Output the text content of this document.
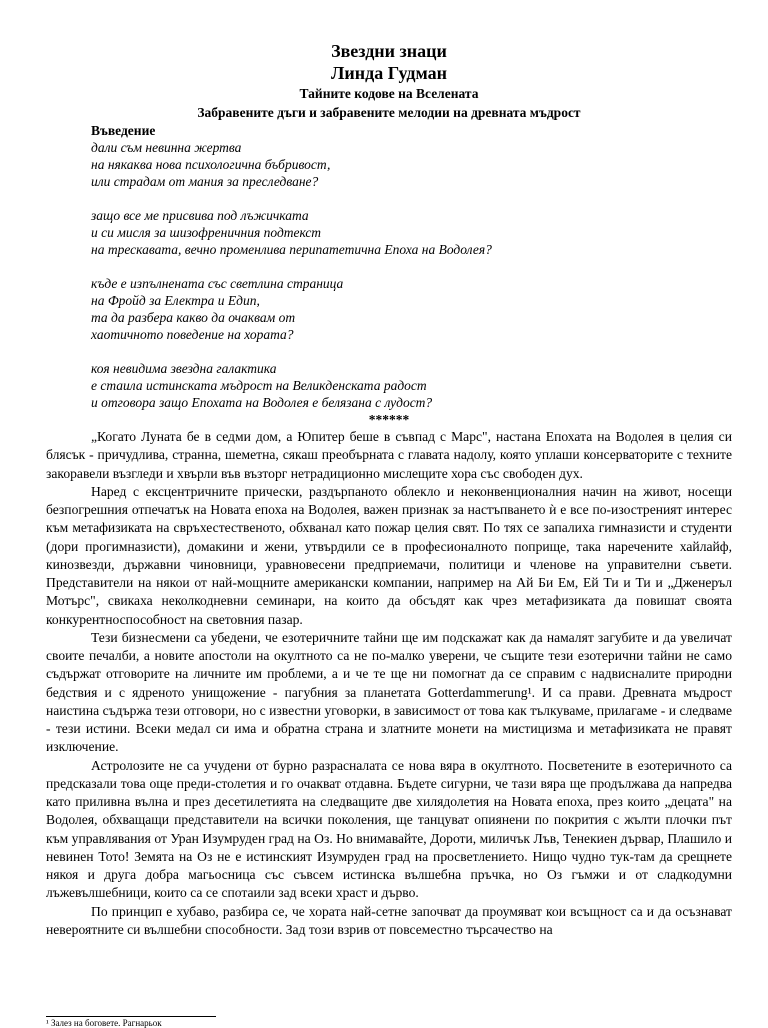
Звездни знаци
Линда Гудман
Тайните кодове на Вселената
Забравените дъги и забравените мелодии на древната мъдрост
Въведение
дали съм невинна жертва
на някаква нова психологична бъбривост,
или страдам от мания за преследване?
защо все ме присвива под лъжичката
и си мисля за шизофреничния подтекст
на трескавата, вечно променлива перипатетична Епоха на Водолея?
къде е изпълнената със светлина страница
на Фройд за Електра и Едип,
та да разбера какво да очаквам от
хаотичното поведение на хората?
коя невидима звездна галактика
е стаила истинската мъдрост на Великденската радост
и отговора защо Епохата на Водолея е белязана с лудост?
******

„Когато Луната бе в седми дом, а Юпитер беше в съвпад с Марс", настана Епохата на Водолея в целия си блясък - причудлива, странна, шеметна, сякаш преобърната с главата надолу, която уплаши консерваторите с техните закоравели възгледи и хвърли във възторг нетрадиционно мислещите хора със свободен дух.

Наред с ексцентричните прически, раздърпаното облекло и неконвенционалния начин на живот, носещи безпогрешния отпечатък на Новата епоха на Водолея, важен признак за настъпването ѝ е все по-изостреният интерес към метафизиката на свръхестественото, обхванал като пожар целия свят. По тях се запалиха гимназисти и студенти (дори прогимназисти), домакини и жени, утвърдили се в професионалното поприще, така наречените хайлайф, кинозвезди, държавни чиновници, уравновесени предприемачи, политици и членове на управителни съвети. Представители на някои от най-мощните американски компании, например на Ай Би Ем, Ей Ти и Ти и „Дженеръл Мотърс", свикаха неколкодневни семинари, на които да обсъдят как чрез метафизиката да повишат своята конкурентноспособност на световния пазар.

Тези бизнесмени са убедени, че езотеричните тайни ще им подскажат как да намалят загубите и да увеличат своите печалби, а новите апостоли на окултното са не по-малко уверени, че същите тези езотерични тайни не само съдържат отговорите на личните им проблеми, а и че те ще ни помогнат да се справим с надвисналите природни бедствия и с ядреното унищожение - пагубния за планетата Gotterdammerung¹. И са прави. Древната мъдрост наистина съдържа тези отговори, но с известни уговорки, в зависимост от това как тълкуваме, прилагаме - и следваме - тези истини. Всеки медал си има и обратна страна и златните монети на мистицизма и метафизиката не правят изключение.

Астролозите не са учудени от бурно разрасналата се нова вяра в окултното. Посветените в езотеричното са предсказали това още преди-столетия и го очакват отдавна. Бъдете сигурни, че тази вяра ще продължава да напредва като приливна вълна и през десетилетията на следващите две хилядолетия на Новата епоха, през които „децата" на Водолея, обхващащи представители на всички поколения, ще танцуват опиянени по покрития с жълти плочки път към управлявания от Уран Изумруден град на Оз. Но внимавайте, Дороти, миличък Лъв, Тенекиен дървар, Плашило и невинен Тото! Земята на Оз не е истинският Изумруден град на просветлението. Нищо чудно тук-там да срещнете някоя и друга добра магьосница със съвсем истинска вълшебна пръчка, но Оз гъмжи и от сладкодумни лъжевълшебници, които са се спотаили зад всеки храст и дърво.

По принцип е хубаво, разбира се, че хората най-сетне започват да проумяват кои всъщност са и да осъзнават невероятните си вълшебни способности. Зад този взрив от повсеместно търсачество на

¹ Залез на боговете. Рагнарьок
